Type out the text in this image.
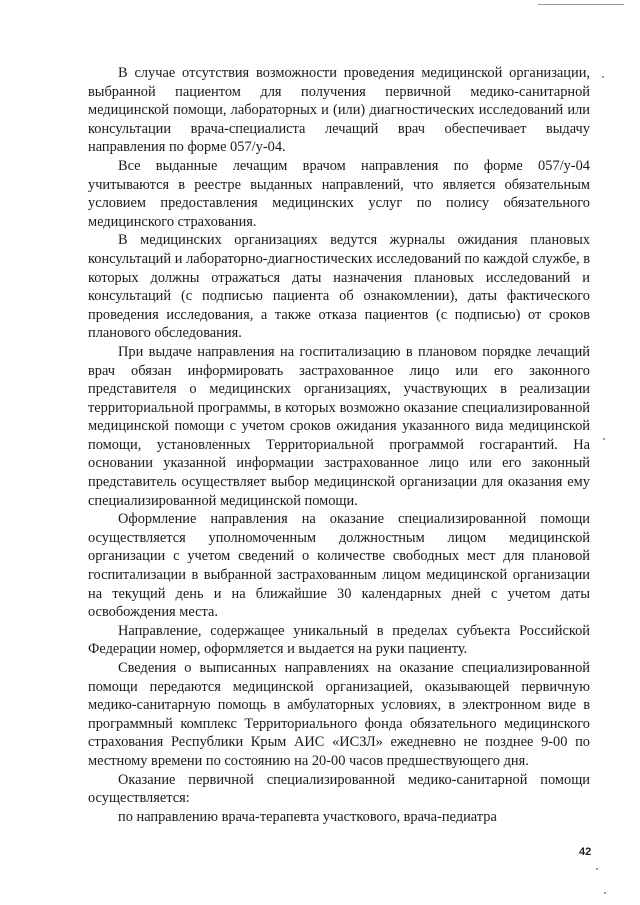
В случае отсутствия возможности проведения медицинской организации, выбранной пациентом для получения первичной медико-санитарной медицинской помощи, лабораторных и (или) диагностических исследований или консультации врача-специалиста лечащий врач обеспечивает выдачу направления по форме 057/у-04.

Все выданные лечащим врачом направления по форме 057/у-04 учитываются в реестре выданных направлений, что является обязательным условием предоставления медицинских услуг по полису обязательного медицинского страхования.

В медицинских организациях ведутся журналы ожидания плановых консультаций и лабораторно-диагностических исследований по каждой службе, в которых должны отражаться даты назначения плановых исследований и консультаций (с подписью пациента об ознакомлении), даты фактического проведения исследования, а также отказа пациентов (с подписью) от сроков планового обследования.

При выдаче направления на госпитализацию в плановом порядке лечащий врач обязан информировать застрахованное лицо или его законного представителя о медицинских организациях, участвующих в реализации территориальной программы, в которых возможно оказание специализированной медицинской помощи с учетом сроков ожидания указанного вида медицинской помощи, установленных Территориальной программой госгарантий. На основании указанной информации застрахованное лицо или его законный представитель осуществляет выбор медицинской организации для оказания ему специализированной медицинской помощи.

Оформление направления на оказание специализированной помощи осуществляется уполномоченным должностным лицом медицинской организации с учетом сведений о количестве свободных мест для плановой госпитализации в выбранной застрахованным лицом медицинской организации на текущий день и на ближайшие 30 календарных дней с учетом даты освобождения места.

Направление, содержащее уникальный в пределах субъекта Российской Федерации номер, оформляется и выдается на руки пациенту.

Сведения о выписанных направлениях на оказание специализированной помощи передаются медицинской организацией, оказывающей первичную медико-санитарную помощь в амбулаторных условиях, в электронном виде в программный комплекс Территориального фонда обязательного медицинского страхования Республики Крым АИС «ИСЗЛ» ежедневно не позднее 9-00 по местному времени по состоянию на 20-00 часов предшествующего дня.

Оказание первичной специализированной медико-санитарной помощи осуществляется:

по направлению врача-терапевта участкового, врача-педиатра

42
